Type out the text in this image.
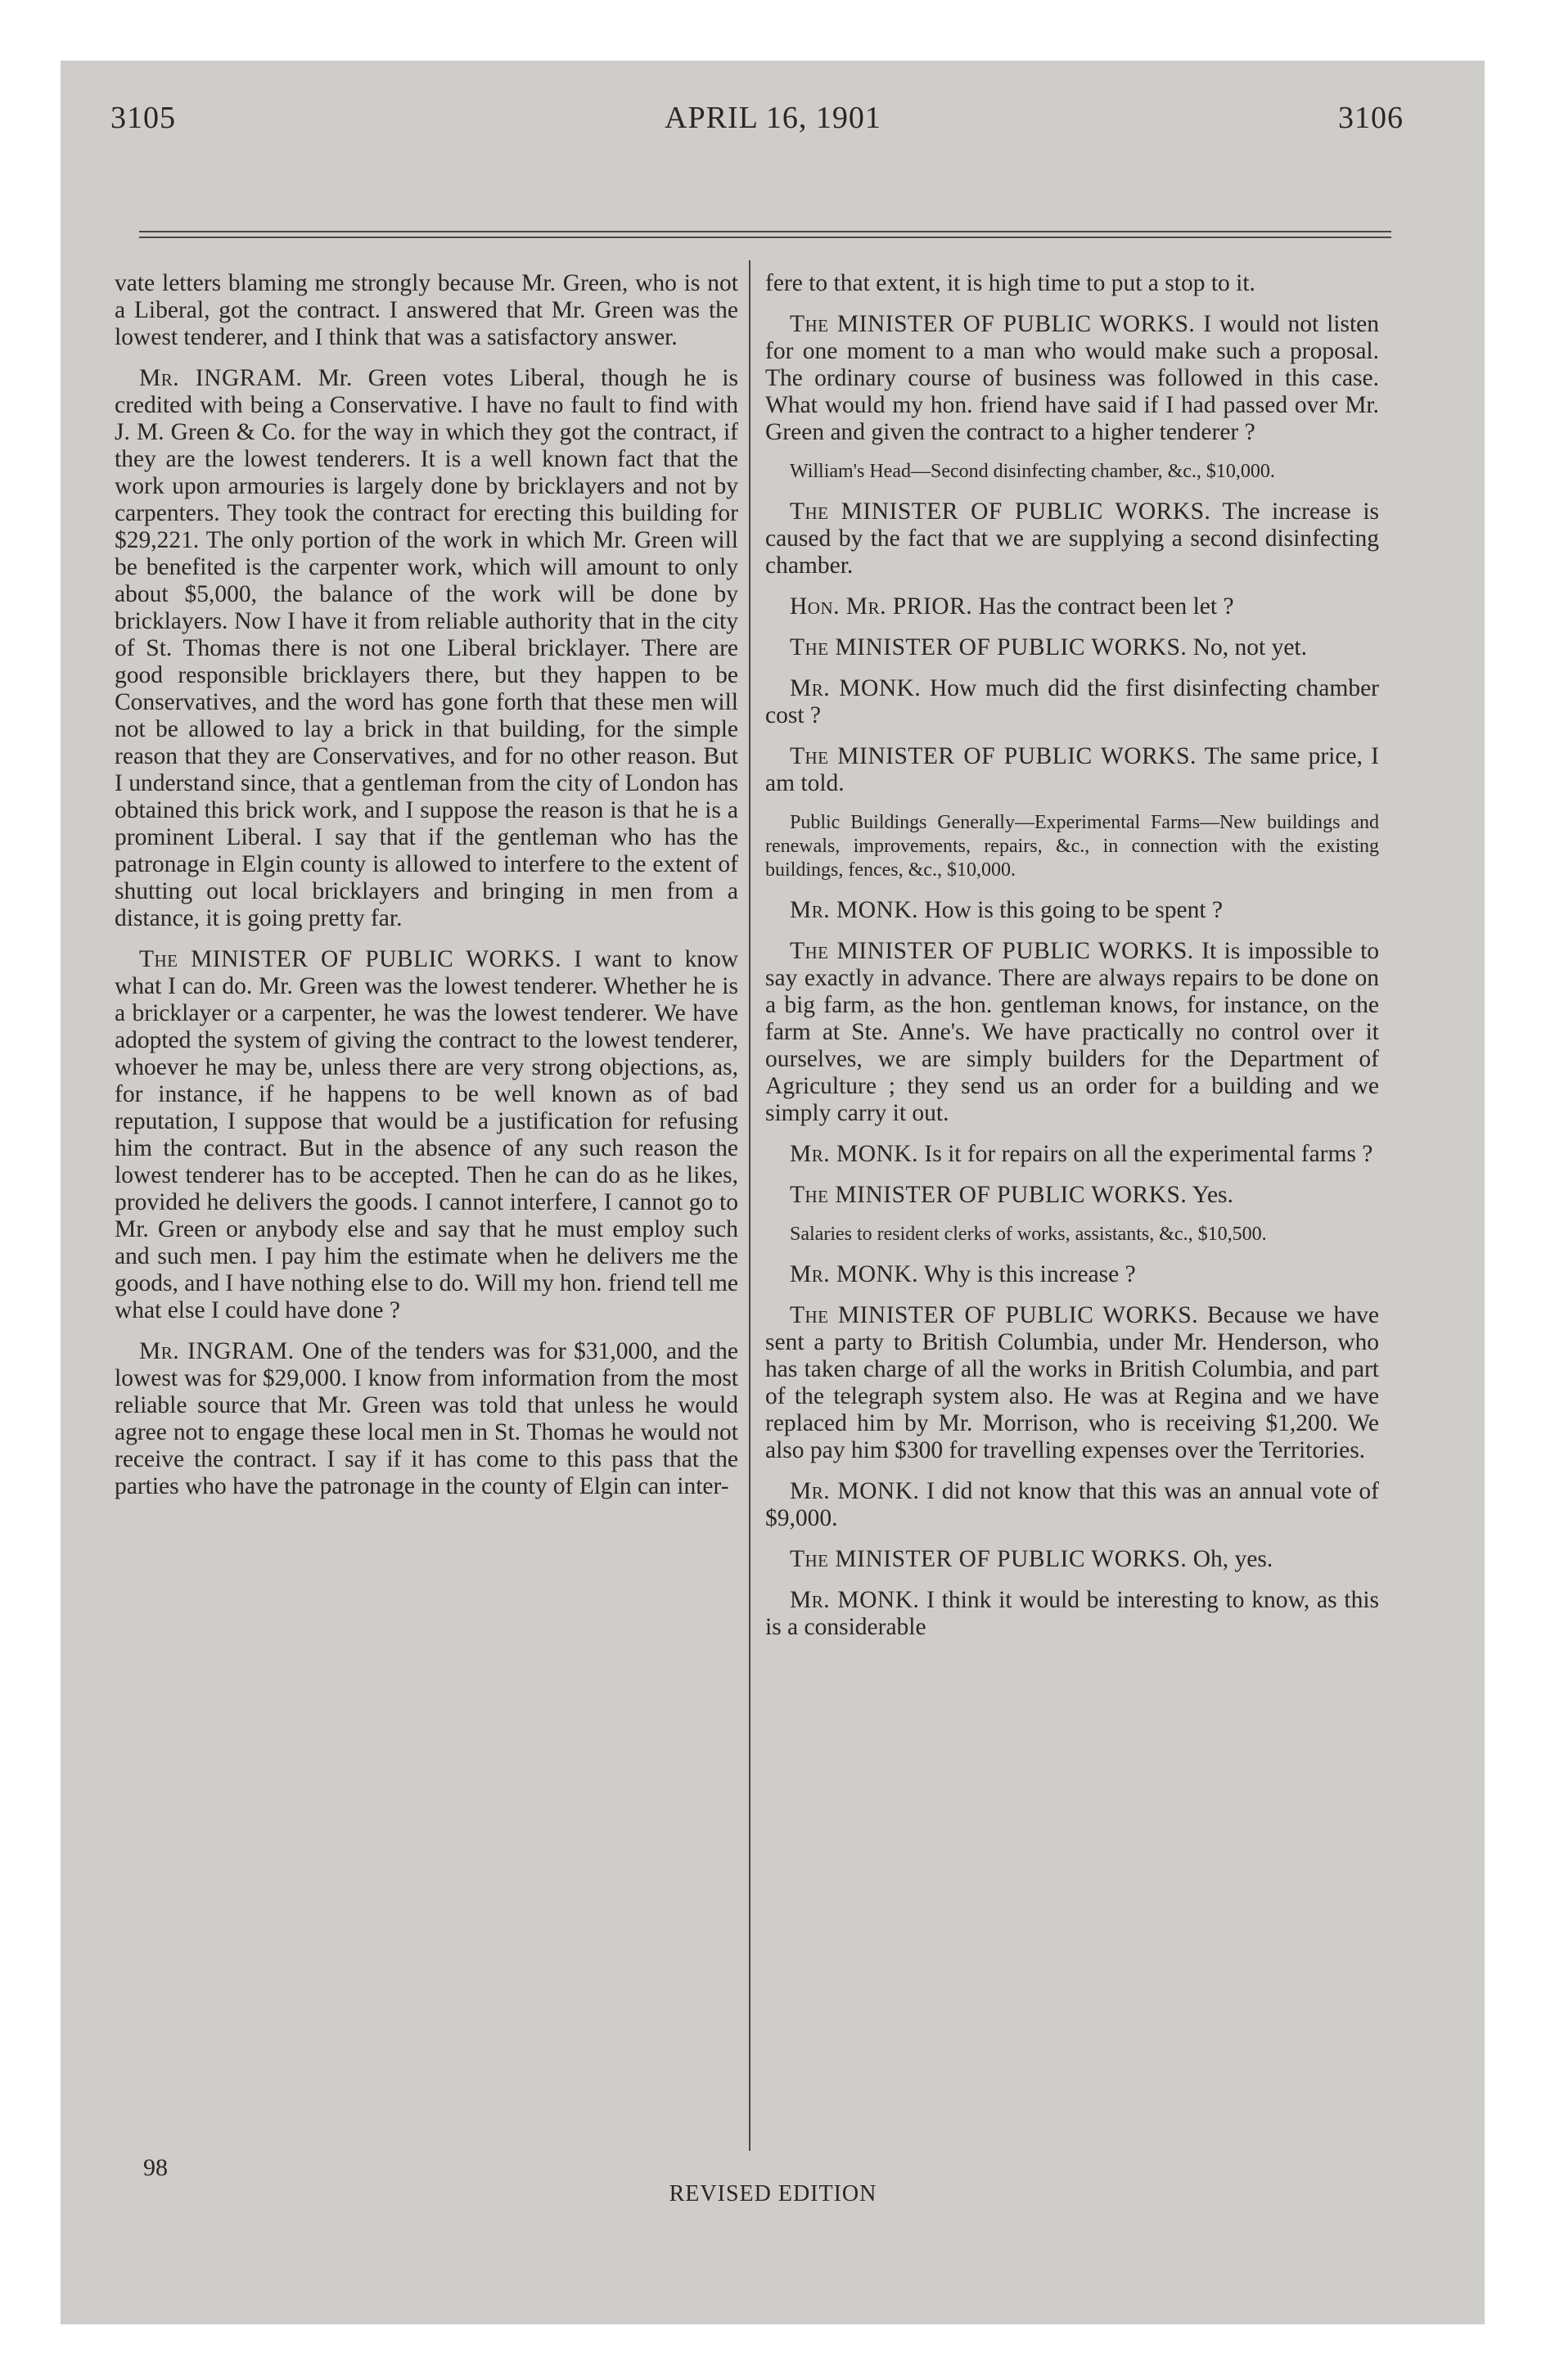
3105	APRIL 16, 1901	3106

vate letters blaming me strongly because Mr. Green, who is not a Liberal, got the contract. I answered that Mr. Green was the lowest tenderer, and I think that was a satisfactory answer.

Mr. INGRAM. Mr. Green votes Liberal, though he is credited with being a Conservative. I have no fault to find with J. M. Green & Co. for the way in which they got the contract, if they are the lowest tenderers. It is a well known fact that the work upon armouries is largely done by bricklayers and not by carpenters. They took the contract for erecting this building for $29,221. The only portion of the work in which Mr. Green will be benefited is the carpenter work, which will amount to only about $5,000, the balance of the work will be done by bricklayers. Now I have it from reliable authority that in the city of St. Thomas there is not one Liberal bricklayer. There are good responsible bricklayers there, but they happen to be Conservatives, and the word has gone forth that these men will not be allowed to lay a brick in that building, for the simple reason that they are Conservatives, and for no other reason. But I understand since, that a gentleman from the city of London has obtained this brick work, and I suppose the reason is that he is a prominent Liberal. I say that if the gentleman who has the patronage in Elgin county is allowed to interfere to the extent of shutting out local bricklayers and bringing in men from a distance, it is going pretty far.

The MINISTER OF PUBLIC WORKS. I want to know what I can do. Mr. Green was the lowest tenderer. Whether he is a bricklayer or a carpenter, he was the lowest tenderer. We have adopted the system of giving the contract to the lowest tenderer, whoever he may be, unless there are very strong objections, as, for instance, if he happens to be well known as of bad reputation, I suppose that would be a justification for refusing him the contract. But in the absence of any such reason the lowest tenderer has to be accepted. Then he can do as he likes, provided he delivers the goods. I cannot interfere, I cannot go to Mr. Green or anybody else and say that he must employ such and such men. I pay him the estimate when he delivers me the goods, and I have nothing else to do. Will my hon. friend tell me what else I could have done ?

Mr. INGRAM. One of the tenders was for $31,000, and the lowest was for $29,000. I know from information from the most reliable source that Mr. Green was told that unless he would agree not to engage these local men in St. Thomas he would not receive the contract. I say if it has come to this pass that the parties who have the patronage in the county of Elgin can inter-

fere to that extent, it is high time to put a stop to it.

The MINISTER OF PUBLIC WORKS. I would not listen for one moment to a man who would make such a proposal. The ordinary course of business was followed in this case. What would my hon. friend have said if I had passed over Mr. Green and given the contract to a higher tenderer ?

William's Head—Second disinfecting chamber, &c., $10,000.

The MINISTER OF PUBLIC WORKS. The increase is caused by the fact that we are supplying a second disinfecting chamber.

Hon. Mr. PRIOR. Has the contract been let ?

The MINISTER OF PUBLIC WORKS. No, not yet.

Mr. MONK. How much did the first disinfecting chamber cost ?

The MINISTER OF PUBLIC WORKS. The same price, I am told.

Public Buildings Generally—Experimental Farms—New buildings and renewals, improvements, repairs, &c., in connection with the existing buildings, fences, &c., $10,000.

Mr. MONK. How is this going to be spent ?

The MINISTER OF PUBLIC WORKS. It is impossible to say exactly in advance. There are always repairs to be done on a big farm, as the hon. gentleman knows, for instance, on the farm at Ste. Anne's. We have practically no control over it ourselves, we are simply builders for the Department of Agriculture ; they send us an order for a building and we simply carry it out.

Mr. MONK. Is it for repairs on all the experimental farms ?

The MINISTER OF PUBLIC WORKS. Yes.

Salaries to resident clerks of works, assistants, &c., $10,500.

Mr. MONK. Why is this increase ?

The MINISTER OF PUBLIC WORKS. Because we have sent a party to British Columbia, under Mr. Henderson, who has taken charge of all the works in British Columbia, and part of the telegraph system also. He was at Regina and we have replaced him by Mr. Morrison, who is receiving $1,200. We also pay him $300 for travelling expenses over the Territories.

Mr. MONK. I did not know that this was an annual vote of $9,000.

The MINISTER OF PUBLIC WORKS. Oh, yes.

Mr. MONK. I think it would be interesting to know, as this is a considerable

98
REVISED EDITION
